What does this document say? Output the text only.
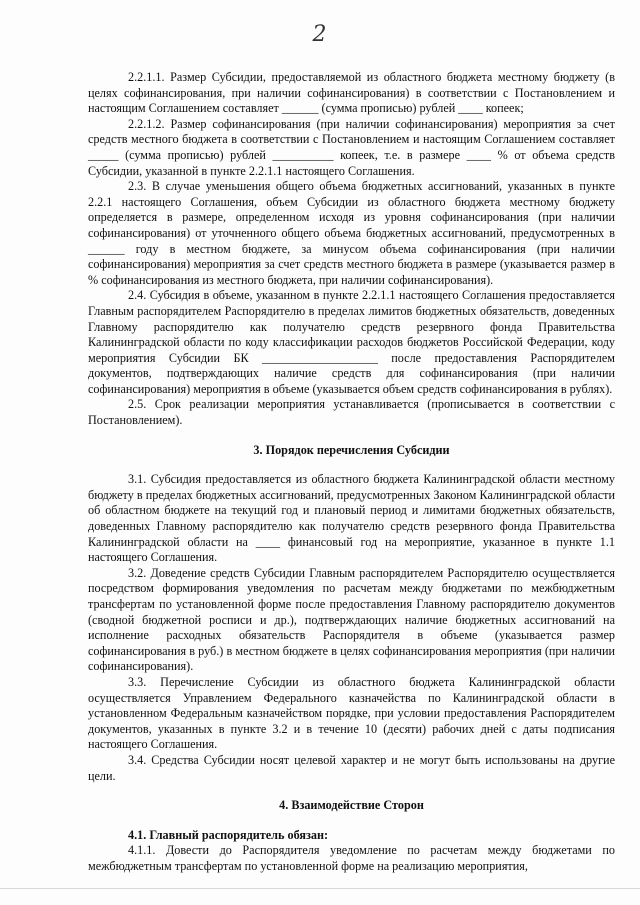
2

2.2.1.1. Размер Субсидии, предоставляемой из областного бюджета местному бюджету (в целях софинансирования, при наличии софинансирования) в соответствии с Постановлением и настоящим Соглашением составляет ______ (сумма прописью) рублей ____ копеек;

2.2.1.2. Размер софинансирования (при наличии софинансирования) мероприятия за счет средств местного бюджета в соответствии с Постановлением и настоящим Соглашением составляет _____ (сумма прописью) рублей __________ копеек, т.е. в размере ____ % от объема средств Субсидии, указанной в пункте 2.2.1.1 настоящего Соглашения.

2.3. В случае уменьшения общего объема бюджетных ассигнований, указанных в пункте 2.2.1 настоящего Соглашения, объем Субсидии из областного бюджета местному бюджету определяется в размере, определенном исходя из уровня софинансирования (при наличии софинансирования) от уточненного общего объема бюджетных ассигнований, предусмотренных в ______ году в местном бюджете, за минусом объема софинансирования (при наличии софинансирования) мероприятия за счет средств местного бюджета в размере (указывается размер в % софинансирования из местного бюджета, при наличии софинансирования).

2.4. Субсидия в объеме, указанном в пункте 2.2.1.1 настоящего Соглашения предоставляется Главным распорядителем Распорядителю в пределах лимитов бюджетных обязательств, доведенных Главному распорядителю как получателю средств резервного фонда Правительства Калининградской области по коду классификации расходов бюджетов Российской Федерации, коду мероприятия Субсидии БК ___________________ после предоставления Распорядителем документов, подтверждающих наличие средств для софинансирования (при наличии софинансирования) мероприятия в объеме (указывается объем средств софинансирования в рублях).

2.5. Срок реализации мероприятия устанавливается (прописывается в соответствии с Постановлением).

3. Порядок перечисления Субсидии

3.1. Субсидия предоставляется из областного бюджета Калининградской области местному бюджету в пределах бюджетных ассигнований, предусмотренных Законом Калининградской области об областном бюджете на текущий год и плановый период и лимитами бюджетных обязательств, доведенных Главному распорядителю как получателю средств резервного фонда Правительства Калининградской области на ____ финансовый год на мероприятие, указанное в пункте 1.1 настоящего Соглашения.

3.2. Доведение средств Субсидии Главным распорядителем Распорядителю осуществляется посредством формирования уведомления по расчетам между бюджетами по межбюджетным трансфертам по установленной форме после предоставления Главному распорядителю документов (сводной бюджетной росписи и др.), подтверждающих наличие бюджетных ассигнований на исполнение расходных обязательств Распорядителя в объеме (указывается размер софинансирования в руб.) в местном бюджете в целях софинансирования мероприятия (при наличии софинансирования).

3.3. Перечисление Субсидии из областного бюджета Калининградской области осуществляется Управлением Федерального казначейства по Калининградской области в установленном Федеральным казначейством порядке, при условии предоставления Распорядителем документов, указанных в пункте 3.2 и в течение 10 (десяти) рабочих дней с даты подписания настоящего Соглашения.

3.4. Средства Субсидии носят целевой характер и не могут быть использованы на другие цели.

4. Взаимодействие Сторон

4.1. Главный распорядитель обязан:

4.1.1. Довести до Распорядителя уведомление по расчетам между бюджетами по межбюджетным трансфертам по установленной форме на реализацию мероприятия,
